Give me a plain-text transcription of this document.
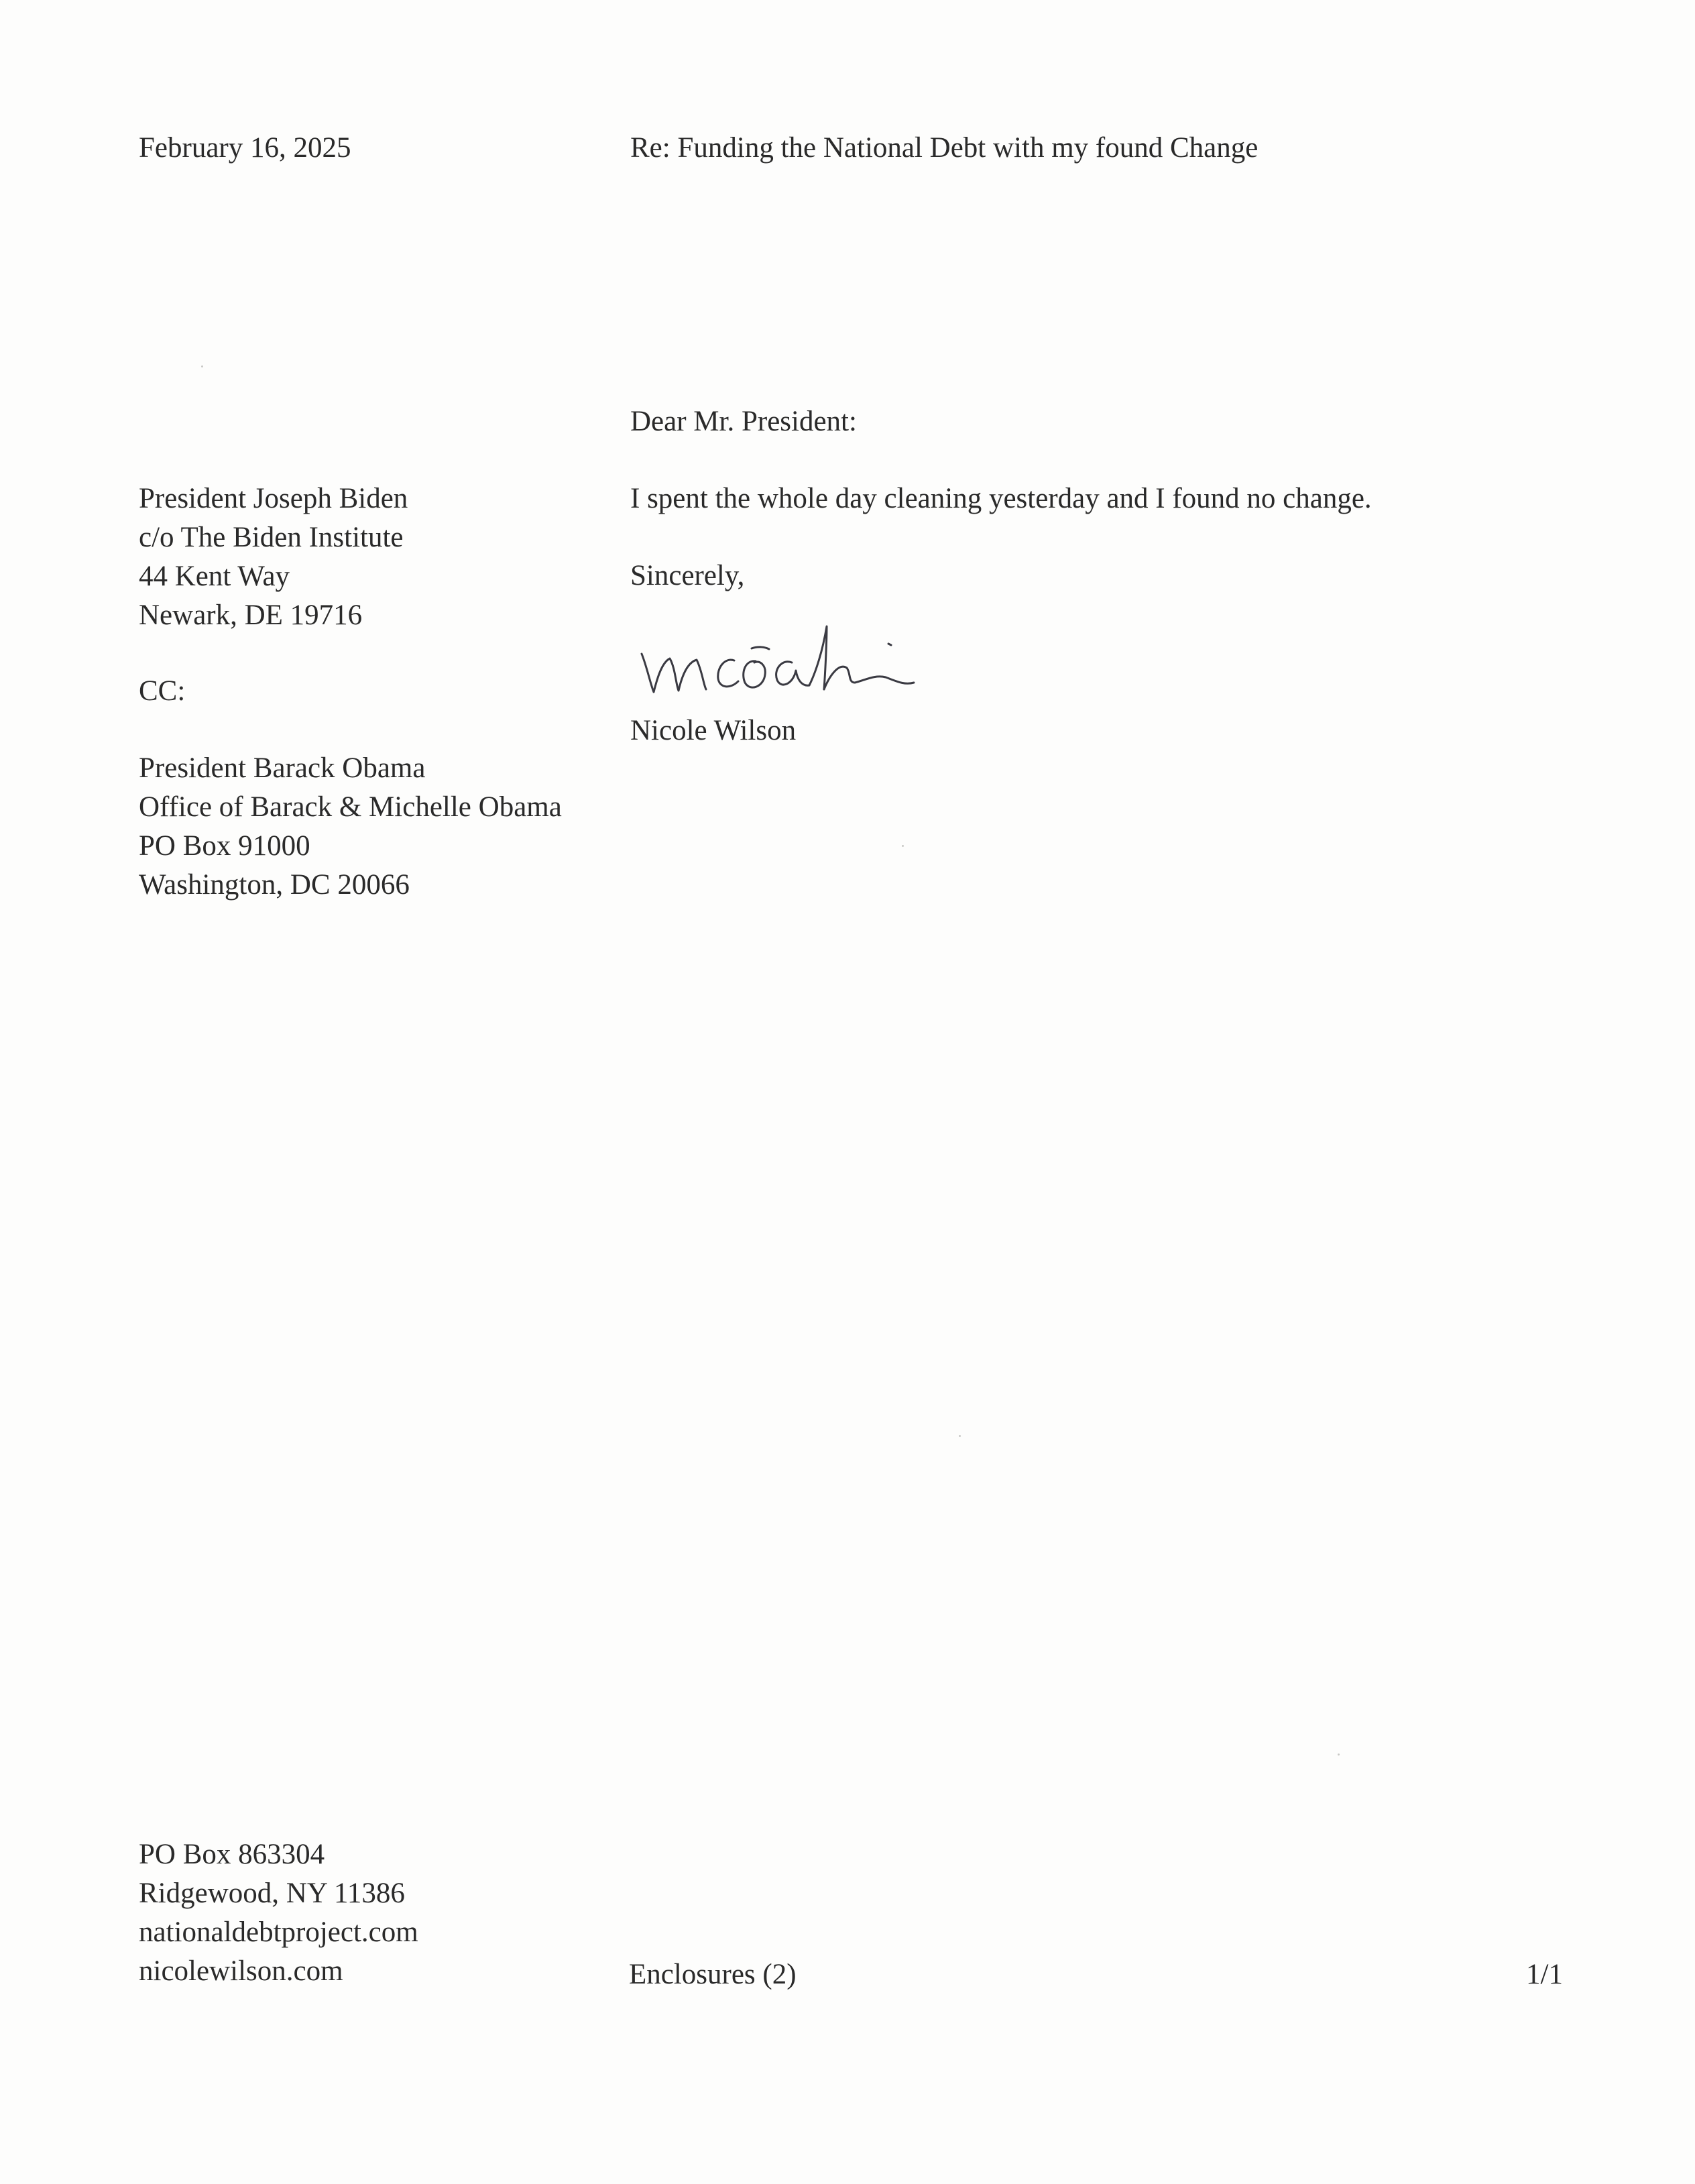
February 16, 2025	Re: Funding the National Debt with my found Change
Dear Mr. President:
President Joseph Biden
c/o The Biden Institute
44 Kent Way
Newark, DE 19716
I spent the whole day cleaning yesterday and I found no change.
Sincerely,
Nicole Wilson
CC:
President Barack Obama
Office of Barack & Michelle Obama
PO Box 91000
Washington, DC 20066
PO Box 863304
Ridgewood, NY 11386
nationaldebtproject.com
nicolewilson.com	Enclosures (2)	1/1
